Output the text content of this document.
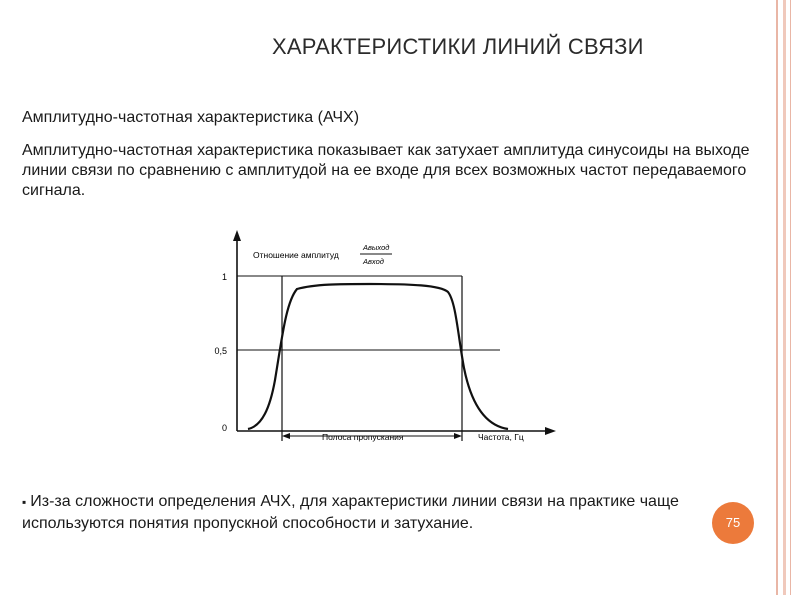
ХАРАКТЕРИСТИКИ ЛИНИЙ СВЯЗИ
Амплитудно-частотная характеристика (АЧХ)
Амплитудно-частотная характеристика показывает как затухает амплитуда синусоиды на выходе линии связи по сравнению с амплитудой на ее входе для всех возможных частот передаваемого сигнала.
1
0,5
0
Отношение амплитуд
Авыход
Авход
Полоса пропускания	Частота, Гц
▪ Из-за сложности определения АЧХ, для характеристики линии связи на практике чаще используются понятия пропускной способности и затухание.	75
